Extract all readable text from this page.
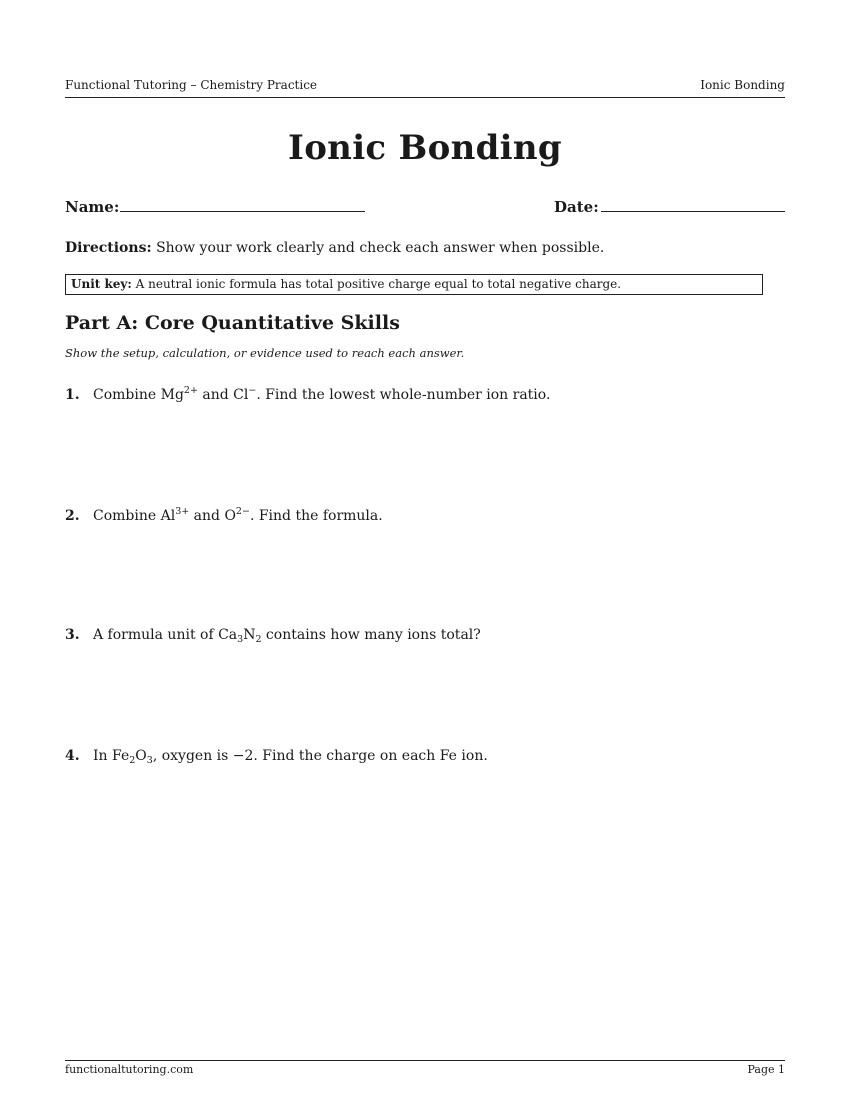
Functional Tutoring – Chemistry Practice	Ionic Bonding
Ionic Bonding
Name:	Date:
Directions: Show your work clearly and check each answer when possible.
Unit key: A neutral ionic formula has total positive charge equal to total negative charge.
Part A: Core Quantitative Skills
Show the setup, calculation, or evidence used to reach each answer.
1. Combine $Mg^{2+}$ and Cl−. Find the lowest whole-number ion ratio.
2. Combine $Al^{3+}$ and $O^{2-}$. Find the formula.
3. A formula unit of $Ca_3N_2$ contains how many ions total?
4. In $Fe_2O_3$, oxygen is −2. Find the charge on each Fe ion.
functionaltutoring.com	Page 1
